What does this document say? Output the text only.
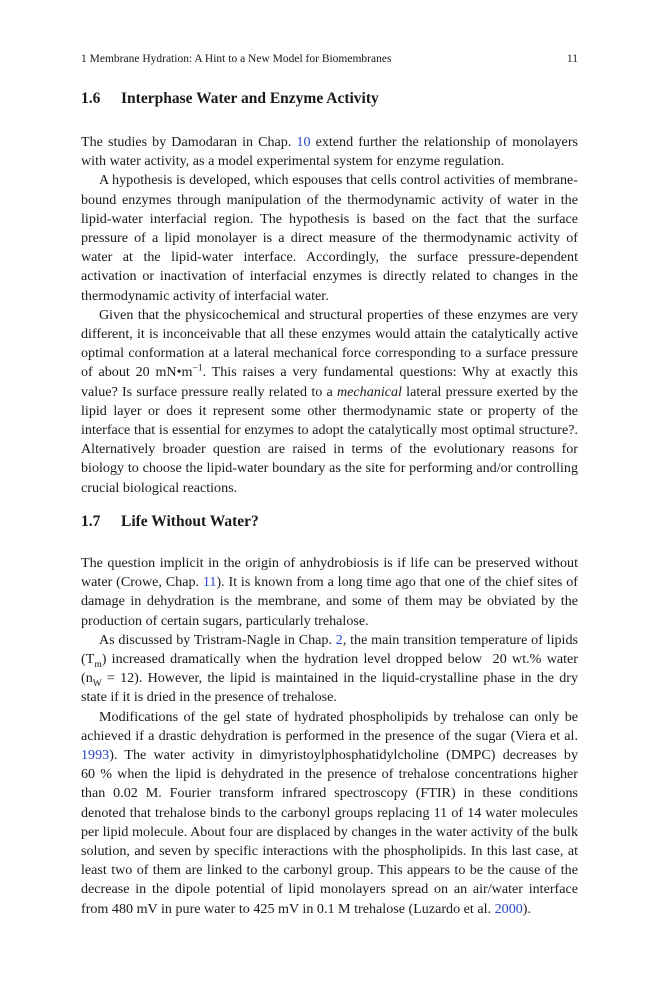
1 Membrane Hydration: A Hint to a New Model for Biomembranes	11
1.6 Interphase Water and Enzyme Activity

The studies by Damodaran in Chap. 10 extend further the relationship of monolayers with water activity, as a model experimental system for enzyme regulation.

A hypothesis is developed, which espouses that cells control activities of membrane-bound enzymes through manipulation of the thermodynamic activity of water in the lipid-water interfacial region. The hypothesis is based on the fact that the surface pressure of a lipid monolayer is a direct measure of the thermodynamic activity of water at the lipid-water interface. Accordingly, the surface pressure-dependent activation or inactivation of interfacial enzymes is directly related to changes in the thermodynamic activity of interfacial water.

Given that the physicochemical and structural properties of these enzymes are very different, it is inconceivable that all these enzymes would attain the catalytically active optimal conformation at a lateral mechanical force corresponding to a surface pressure of about 20 $mN•m^{-1}$. This raises a very fundamental questions: Why at exactly this value? Is surface pressure really related to a mechanical lateral pressure exerted by the lipid layer or does it represent some other thermodynamic state or property of the interface that is essential for enzymes to adopt the catalytically most optimal structure?. Alternatively broader question are raised in terms of the evolutionary reasons for biology to choose the lipid-water boundary as the site for performing and/or controlling crucial biological reactions.

1.7 Life Without Water?

The question implicit in the origin of anhydrobiosis is if life can be preserved without water (Crowe, Chap. 11). It is known from a long time ago that one of the chief sites of damage in dehydration is the membrane, and some of them may be obviated by the production of certain sugars, particularly trehalose.

As discussed by Tristram-Nagle in Chap. 2, the main transition temperature of lipids $(T_m)$ increased dramatically when the hydration level dropped below  20 wt.% water $(n_W = 12)$. However, the lipid is maintained in the liquid-crystalline phase in the dry state if it is dried in the presence of trehalose.

Modifications of the gel state of hydrated phospholipids by trehalose can only be achieved if a drastic dehydration is performed in the presence of the sugar (Viera et al. 1993). The water activity in dimyristoylphosphatidylcholine (DMPC) decreases by 60 % when the lipid is dehydrated in the presence of trehalose concentrations higher than 0.02 M. Fourier transform infrared spectroscopy (FTIR) in these conditions denoted that trehalose binds to the carbonyl groups replacing 11 of 14 water molecules per lipid molecule. About four are displaced by changes in the water activity of the bulk solution, and seven by specific interactions with the phospholipids. In this last case, at least two of them are linked to the carbonyl group. This appears to be the cause of the decrease in the dipole potential of lipid monolayers spread on an air/water interface from 480 mV in pure water to 425 mV in 0.1 M trehalose (Luzardo et al. 2000).
